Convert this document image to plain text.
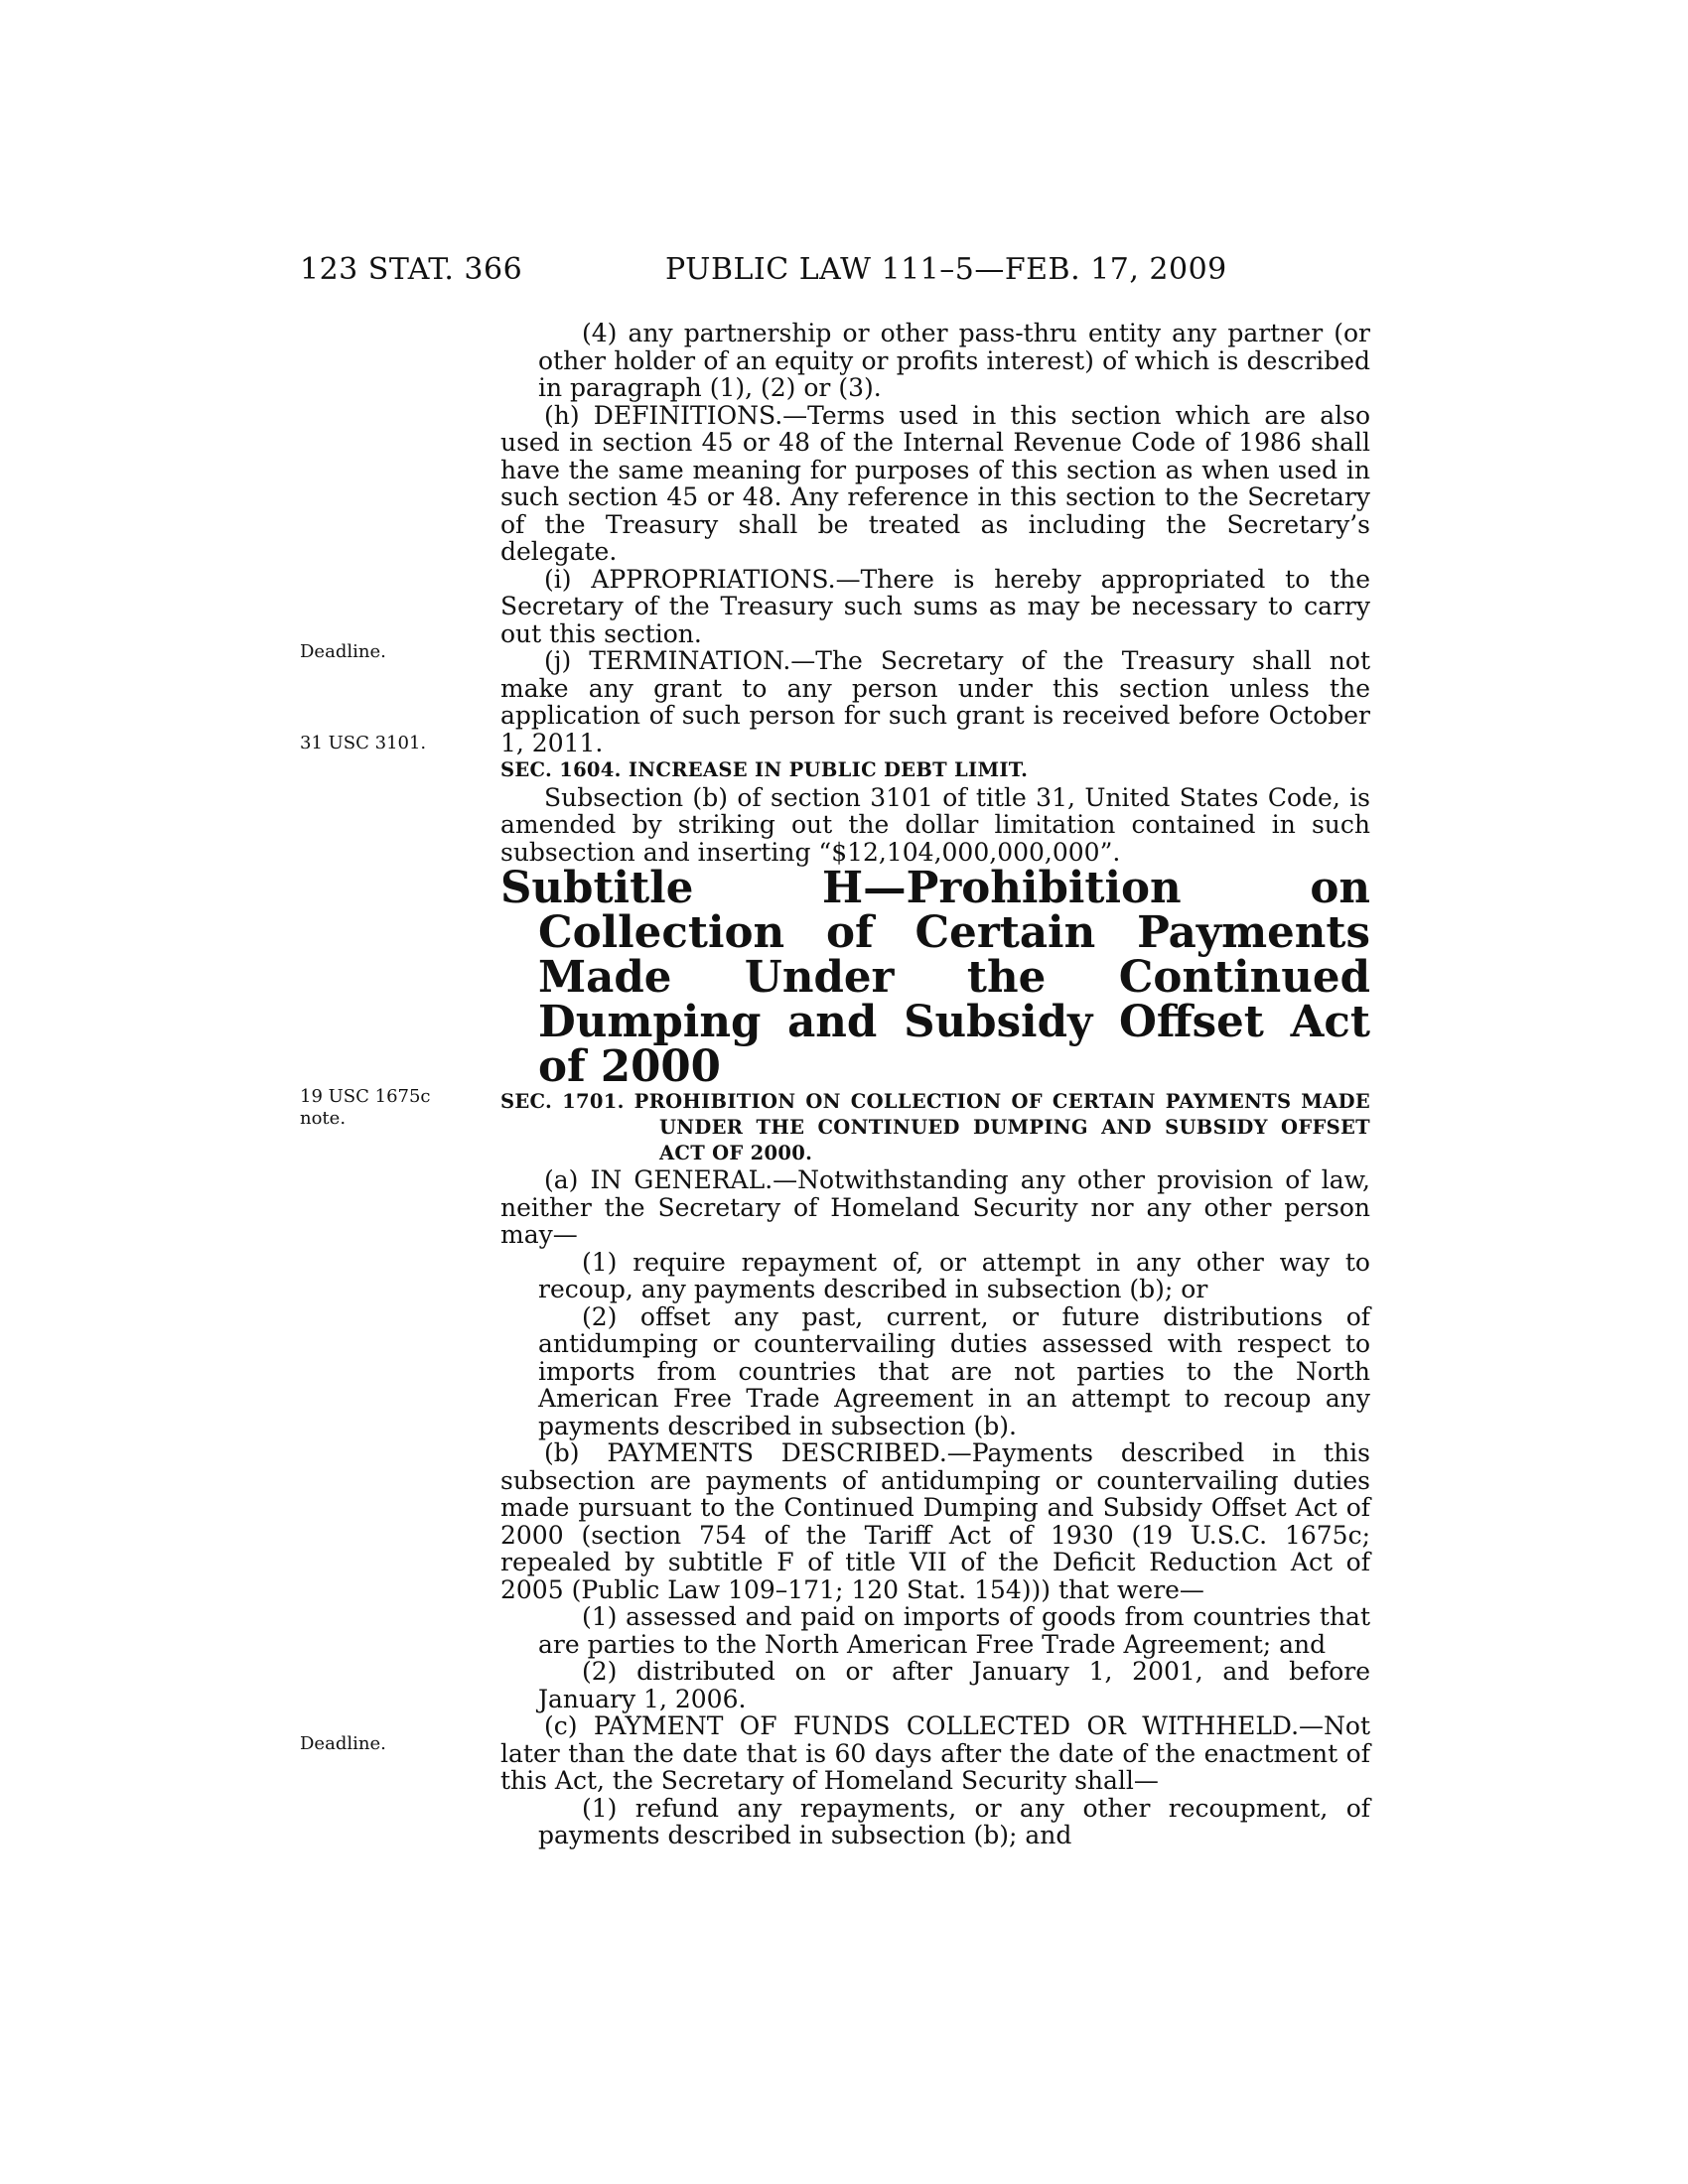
123 STAT. 366	PUBLIC LAW 111–5—FEB. 17, 2009
Deadline.
31 USC 3101.
19 USC 1675c
note.
Deadline.

(4) any partnership or other pass-thru entity any partner (or other holder of an equity or profits interest) of which is described in paragraph (1), (2) or (3).

(h) DEFINITIONS.—Terms used in this section which are also used in section 45 or 48 of the Internal Revenue Code of 1986 shall have the same meaning for purposes of this section as when used in such section 45 or 48. Any reference in this section to the Secretary of the Treasury shall be treated as including the Secretary’s delegate.

(i) APPROPRIATIONS.—There is hereby appropriated to the Secretary of the Treasury such sums as may be necessary to carry out this section.

(j) TERMINATION.—The Secretary of the Treasury shall not make any grant to any person under this section unless the application of such person for such grant is received before October 1, 2011.

SEC. 1604. INCREASE IN PUBLIC DEBT LIMIT.

Subsection (b) of section 3101 of title 31, United States Code, is amended by striking out the dollar limitation contained in such subsection and inserting “$12,104,000,000,000”.

Subtitle H—Prohibition on Collection of Certain Payments Made Under the Continued Dumping and Subsidy Offset Act of 2000

SEC. 1701. PROHIBITION ON COLLECTION OF CERTAIN PAYMENTS MADE UNDER THE CONTINUED DUMPING AND SUBSIDY OFFSET ACT OF 2000.

(a) IN GENERAL.—Notwithstanding any other provision of law, neither the Secretary of Homeland Security nor any other person may—

(1) require repayment of, or attempt in any other way to recoup, any payments described in subsection (b); or

(2) offset any past, current, or future distributions of antidumping or countervailing duties assessed with respect to imports from countries that are not parties to the North American Free Trade Agreement in an attempt to recoup any payments described in subsection (b).

(b) PAYMENTS DESCRIBED.—Payments described in this subsection are payments of antidumping or countervailing duties made pursuant to the Continued Dumping and Subsidy Offset Act of 2000 (section 754 of the Tariff Act of 1930 (19 U.S.C. 1675c; repealed by subtitle F of title VII of the Deficit Reduction Act of 2005 (Public Law 109–171; 120 Stat. 154))) that were—

(1) assessed and paid on imports of goods from countries that are parties to the North American Free Trade Agreement; and

(2) distributed on or after January 1, 2001, and before January 1, 2006.

(c) PAYMENT OF FUNDS COLLECTED OR WITHHELD.—Not later than the date that is 60 days after the date of the enactment of this Act, the Secretary of Homeland Security shall—

(1) refund any repayments, or any other recoupment, of payments described in subsection (b); and
